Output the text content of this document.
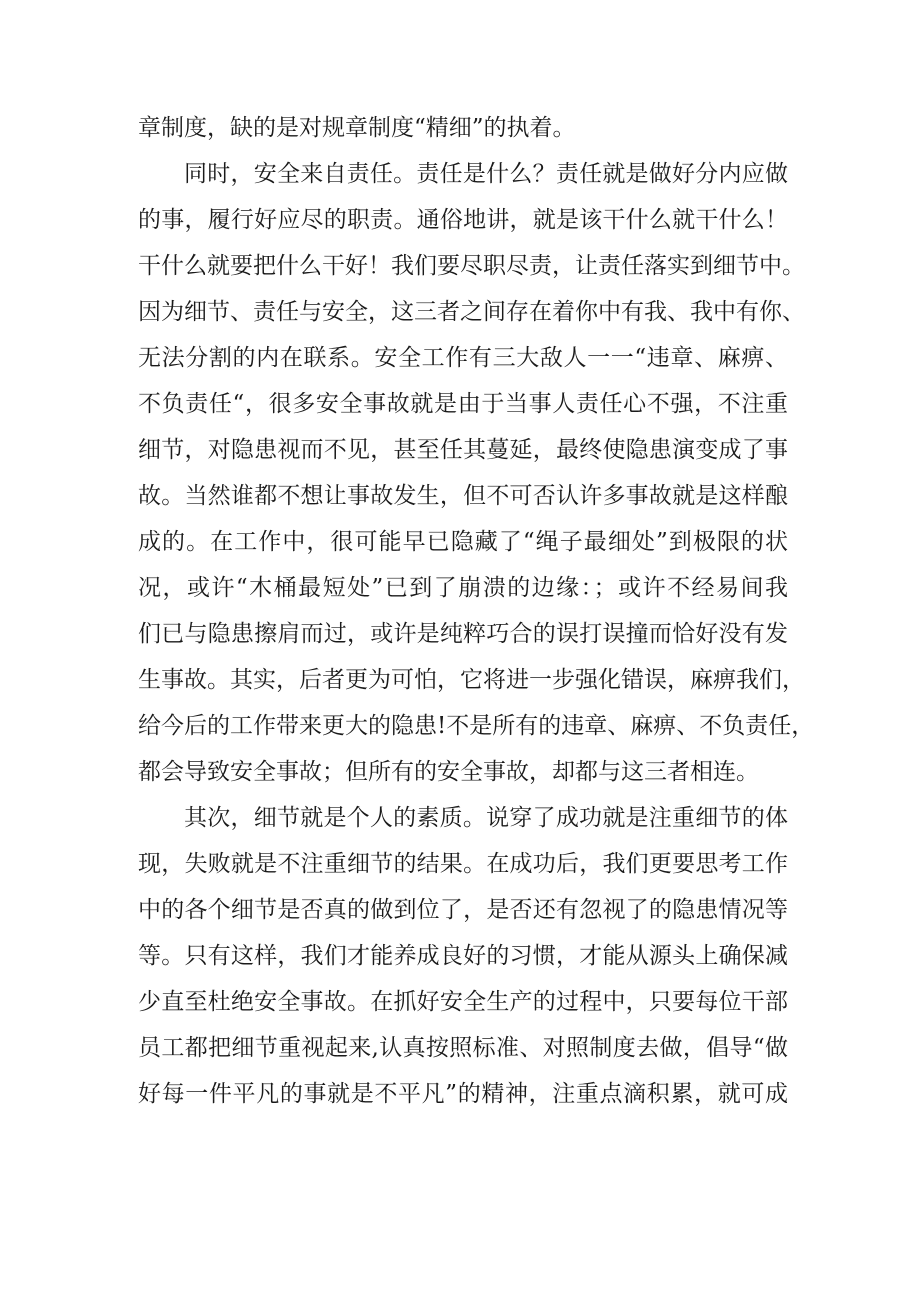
章制度，缺的是对规章制度“精细”的执着。
同时，安全来自责任。责任是什么？责任就是做好分内应做
的事，履行好应尽的职责。通俗地讲，就是该干什么就干什么！
干什么就要把什么干好！我们要尽职尽责，让责任落实到细节中。
因为细节、责任与安全，这三者之间存在着你中有我、我中有你、
无法分割的内在联系。安全工作有三大敌人一一“违章、麻痹、
不负责任“，很多安全事故就是由于当事人责任心不强，不注重
细节，对隐患视而不见，甚至任其蔓延，最终使隐患演变成了事
故。当然谁都不想让事故发生，但不可否认许多事故就是这样酿
成的。在工作中，很可能早已隐藏了“绳子最细处”到极限的状
况，或许“木桶最短处”已到了崩溃的边缘：；或许不经易间我
们已与隐患擦肩而过，或许是纯粹巧合的误打误撞而恰好没有发
生事故。其实，后者更为可怕，它将进一步强化错误，麻痹我们，
给今后的工作带来更大的隐患!不是所有的违章、麻痹、不负责任，
都会导致安全事故；但所有的安全事故，却都与这三者相连。
其次，细节就是个人的素质。说穿了成功就是注重细节的体
现，失败就是不注重细节的结果。在成功后，我们更要思考工作
中的各个细节是否真的做到位了，是否还有忽视了的隐患情况等
等。只有这样，我们才能养成良好的习惯，才能从源头上确保减
少直至杜绝安全事故。在抓好安全生产的过程中，只要每位干部
员工都把细节重视起来,认真按照标准、对照制度去做，倡导“做
好每一件平凡的事就是不平凡”的精神，注重点滴积累，就可成
